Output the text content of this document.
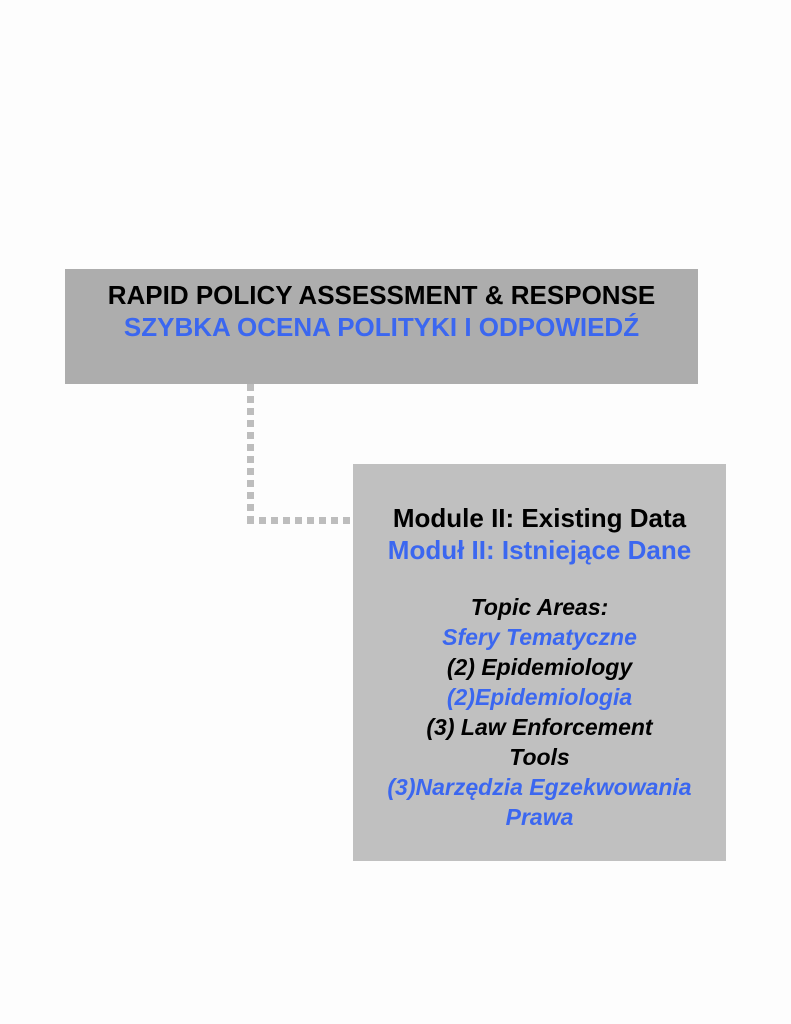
RAPID POLICY ASSESSMENT & RESPONSE
SZYBKA OCENA POLITYKI I ODPOWIEDŹ
Module II: Existing Data
Moduł II: Istniejące Dane
Topic Areas:
Sfery Tematyczne
(2) Epidemiology
(2)Epidemiologia
(3) Law Enforcement
Tools
(3)Narzędzia Egzekwowania
Prawa
